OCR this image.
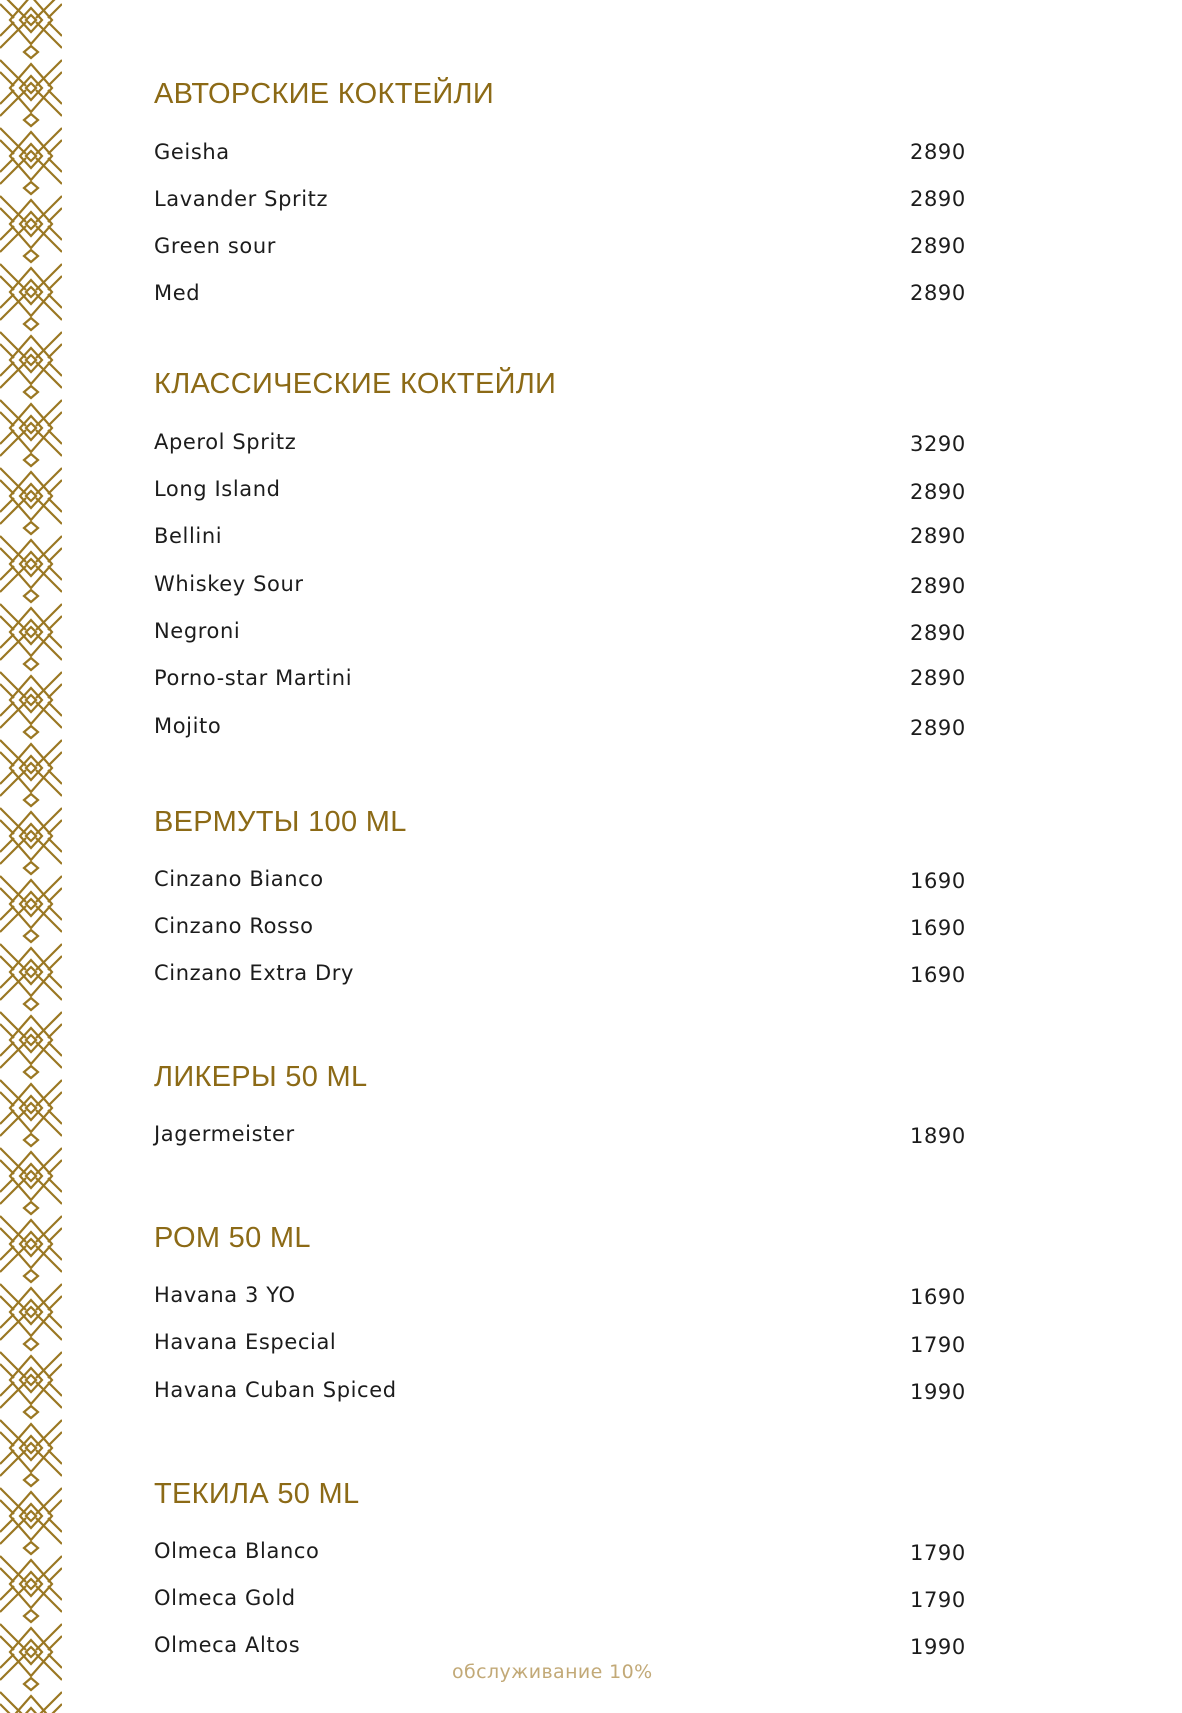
АВТОРСКИЕ КОКТЕЙЛИ
Geisha	2890
Lavander Spritz	2890
Green sour	2890
Med	2890
КЛАССИЧЕСКИЕ КОКТЕЙЛИ
Aperol Spritz	3290
Long Island	2890
Bellini	2890
Whiskey Sour	2890
Negroni	2890
Porno-star Martini	2890
Mojito	2890
ВЕРМУТЫ 100 ML
Cinzano Bianco	1690
Cinzano Rosso	1690
Cinzano Extra Dry	1690
ЛИКЕРЫ 50 ML
Jagermeister	1890
РОМ 50 ML
Havana 3 YO	1690
Havana Especial	1790
Havana Cuban Spiced	1990
ТЕКИЛА 50 ML
Olmeca Blanco	1790
Olmeca Gold	1790
Olmeca Altos	1990
обслуживание 10%
